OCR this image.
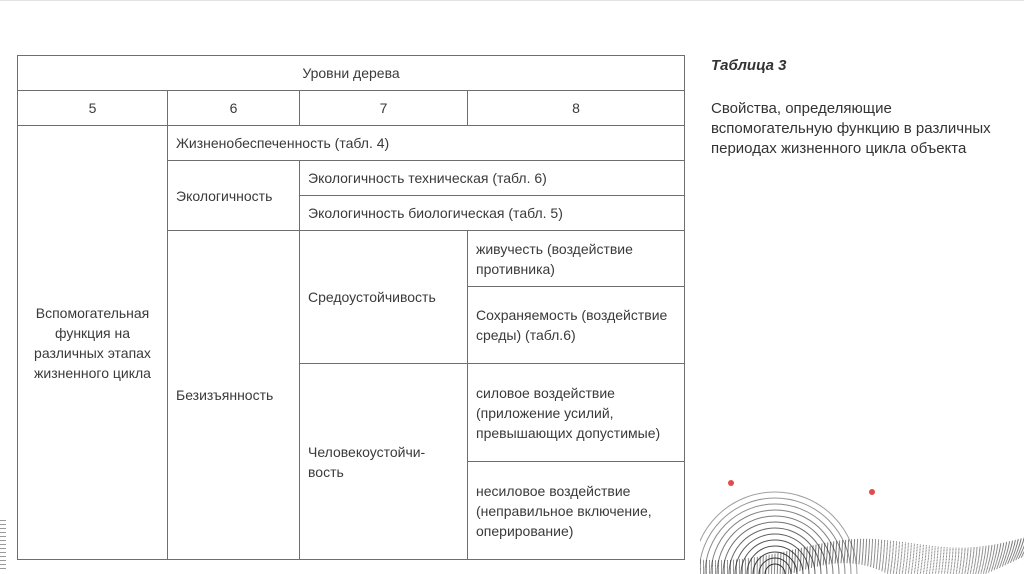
Уровни дерева			
5	6	7	8
Вспомогательная функция на различных этапах жизненного цикла	Жизненобеспеченность (табл. 4)		
	Экологичность	Экологичность техническая (табл. 6)	
		Экологичность биологическая (табл. 5)	
	Безизъянность	Средоустойчивость	живучесть (воздействие противника)
			Сохраняемость (воздействие среды) (табл.6)
		Человекоустойчи-вость	силовое воздействие (приложение усилий, превышающих допустимые)
			несиловое воздействие (неправильное включение, оперирование)

Таблица 3

Свойства, определяющие вспомогательную функцию в различных периодах жизненного цикла объекта
